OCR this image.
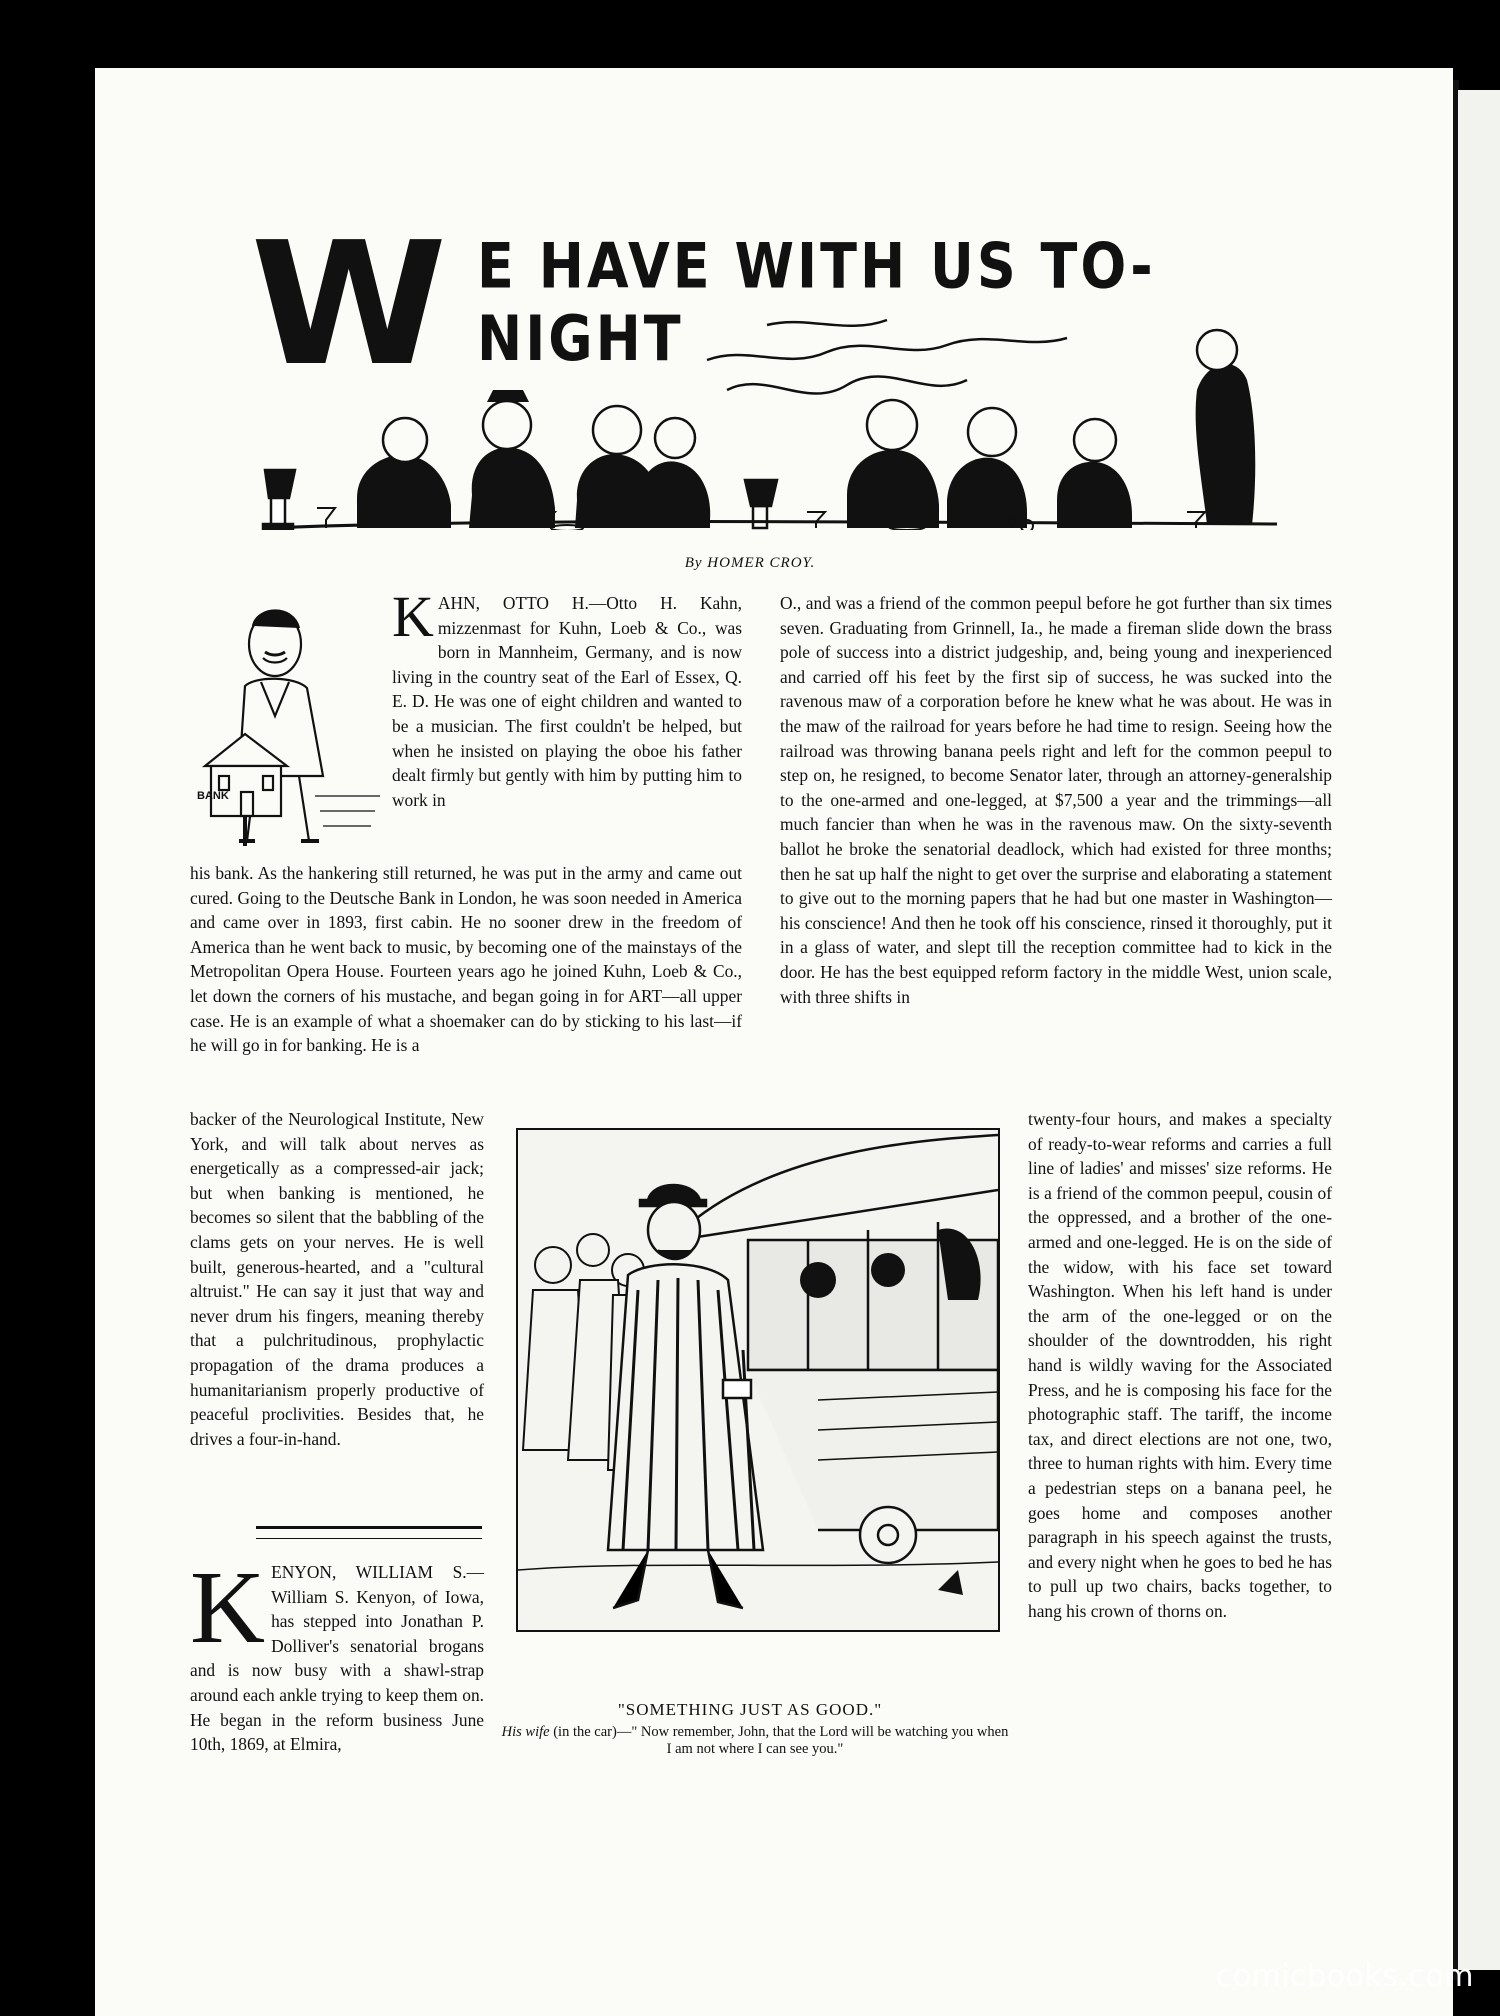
W E HAVE WITH US TO-NIGHT
By HOMER CROY.
BANK

KAHN, OTTO H.—Otto H. Kahn, mizzenmast for Kuhn, Loeb & Co., was born in Mannheim, Germany, and is now living in the country seat of the Earl of Essex, Q. E. D. He was one of eight children and wanted to be a musician. The first couldn't be helped, but when he insisted on playing the oboe his father dealt firmly but gently with him by putting him to work in

his bank. As the hankering still returned, he was put in the army and came out cured. Going to the Deutsche Bank in London, he was soon needed in America and came over in 1893, first cabin. He no sooner drew in the freedom of America than he went back to music, by becoming one of the mainstays of the Metropolitan Opera House. Fourteen years ago he joined Kuhn, Loeb & Co., let down the corners of his mustache, and began going in for ART—all upper case. He is an example of what a shoemaker can do by sticking to his last—if he will go in for banking. He is a

backer of the Neurological Institute, New York, and will talk about nerves as energetically as a compressed-air jack; but when banking is mentioned, he becomes so silent that the babbling of the clams gets on your nerves. He is well built, generous-hearted, and a "cultural altruist." He can say it just that way and never drum his fingers, meaning thereby that a pulchritudinous, prophylactic propagation of the drama produces a humanitarianism properly productive of peaceful proclivities. Besides that, he drives a four-in-hand.

KENYON, WILLIAM S.—William S. Kenyon, of Iowa, has stepped into Jonathan P. Dolliver's senatorial brogans and is now busy with a shawl-strap around each ankle trying to keep them on. He began in the reform business June 10th, 1869, at Elmira,

O., and was a friend of the common peepul before he got further than six times seven. Graduating from Grinnell, Ia., he made a fireman slide down the brass pole of success into a district judgeship, and, being young and inexperienced and carried off his feet by the first sip of success, he was sucked into the ravenous maw of a corporation before he knew what he was about. He was in the maw of the railroad for years before he had time to resign. Seeing how the railroad was throwing banana peels right and left for the common peepul to step on, he resigned, to become Senator later, through an attorney-generalship to the one-armed and one-legged, at $7,500 a year and the trimmings—all much fancier than when he was in the ravenous maw. On the sixty-seventh ballot he broke the senatorial deadlock, which had existed for three months; then he sat up half the night to get over the surprise and elaborating a statement to give out to the morning papers that he had but one master in Washington—his conscience! And then he took off his conscience, rinsed it thoroughly, put it in a glass of water, and slept till the reception committee had to kick in the door. He has the best equipped reform factory in the middle West, union scale, with three shifts in

twenty-four hours, and makes a specialty of ready-to-wear reforms and carries a full line of ladies' and misses' size reforms. He is a friend of the common peepul, cousin of the oppressed, and a brother of the one-armed and one-legged. He is on the side of the widow, with his face set toward Washington. When his left hand is under the arm of the one-legged or on the shoulder of the downtrodden, his right hand is wildly waving for the Associated Press, and he is composing his face for the photographic staff. The tariff, the income tax, and direct elections are not one, two, three to human rights with him. Every time a pedestrian steps on a banana peel, he goes home and composes another paragraph in his speech against the trusts, and every night when he goes to bed he has to pull up two chairs, backs together, to hang his crown of thorns on.

"SOMETHING JUST AS GOOD."
His wife (in the car)—" Now remember, John, that the Lord will be watching you when I am not where I can see you."
comicbooks.com
